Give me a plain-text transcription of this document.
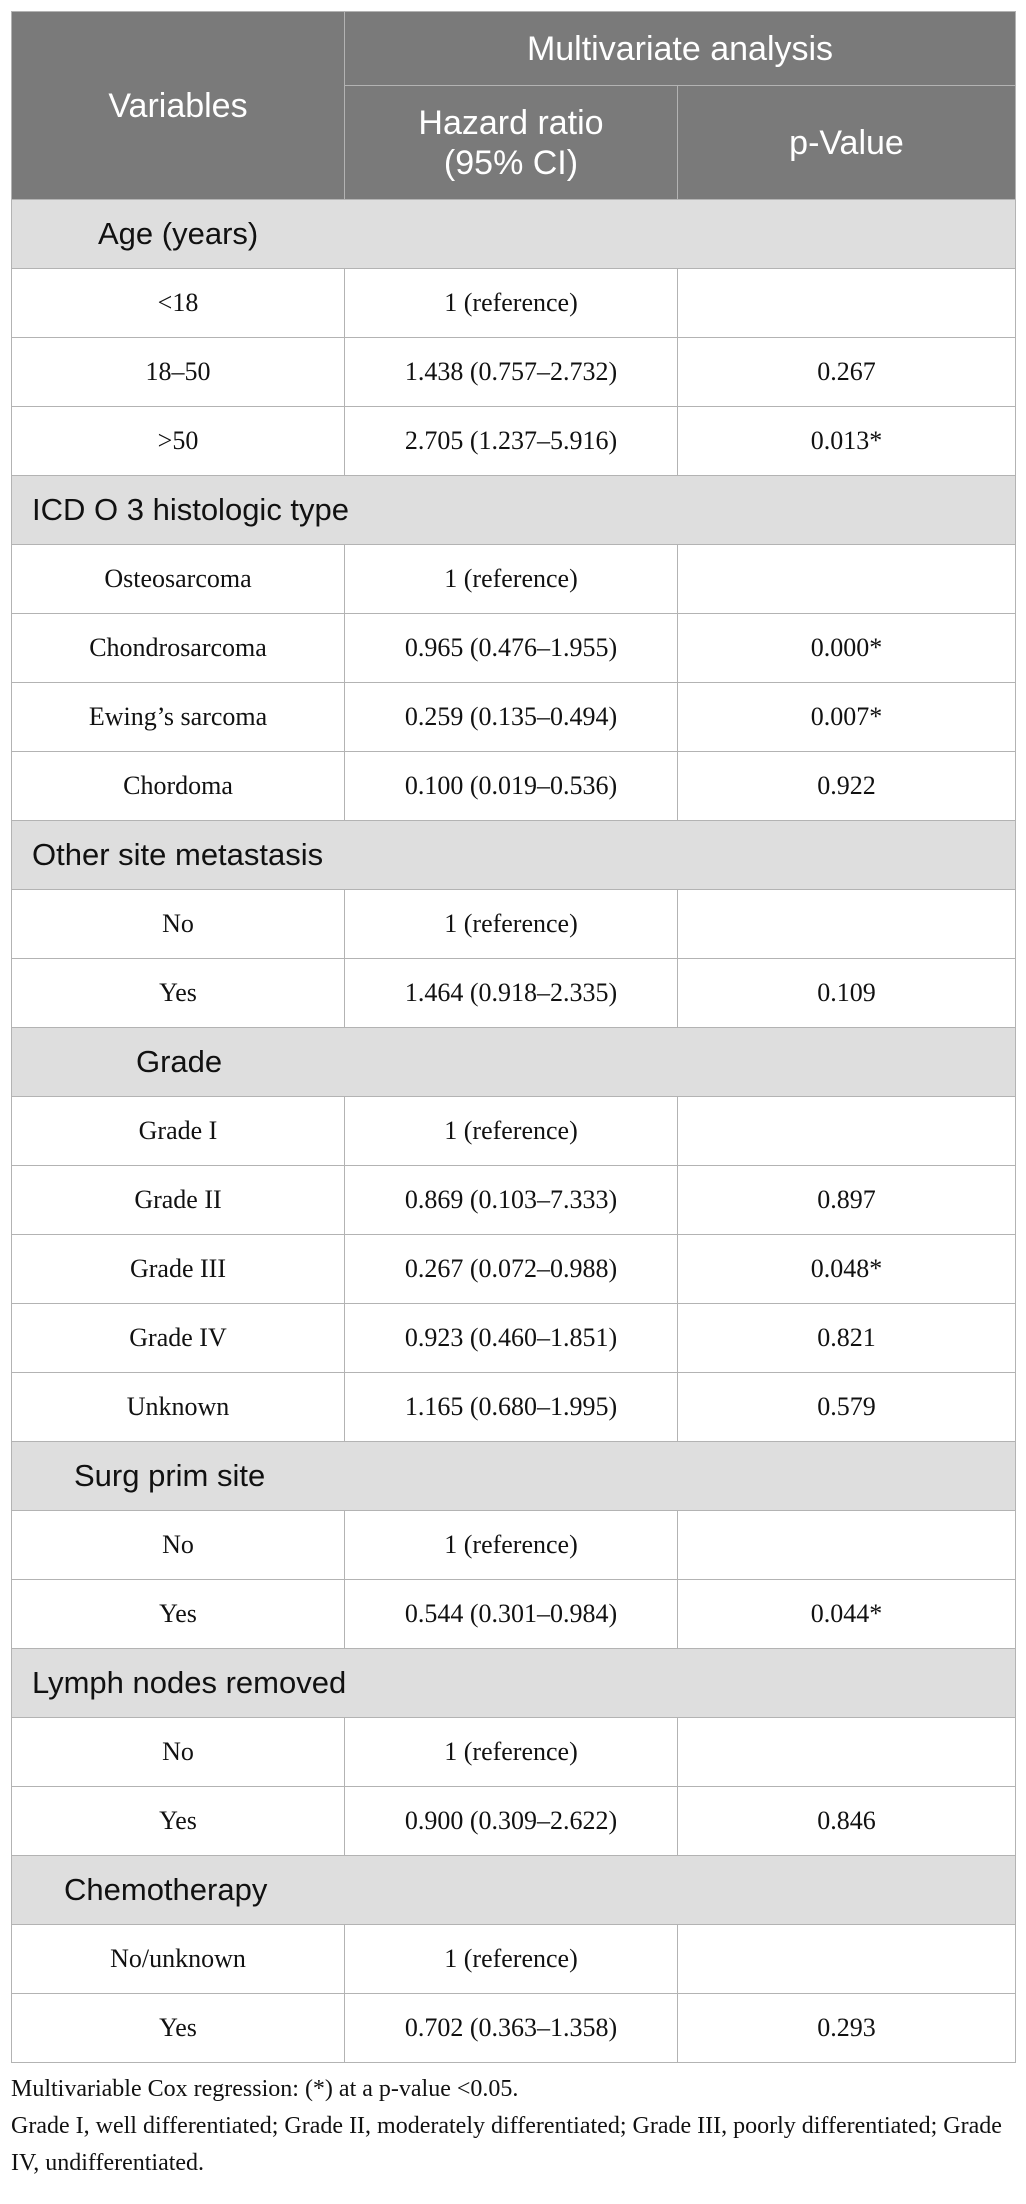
Variables	Multivariate analysis	

	Hazard ratio
(95% CI)	p-Value
Age (years)		
<18	1 (reference)	
18–50	1.438 (0.757–2.732)	0.267
>50	2.705 (1.237–5.916)	0.013*
ICD O 3 histologic type		
Osteosarcoma	1 (reference)	
Chondrosarcoma	0.965 (0.476–1.955)	0.000*
Ewing’s sarcoma	0.259 (0.135–0.494)	0.007*
Chordoma	0.100 (0.019–0.536)	0.922
Other site metastasis		
No	1 (reference)	
Yes	1.464 (0.918–2.335)	0.109
Grade		
Grade I	1 (reference)	
Grade II	0.869 (0.103–7.333)	0.897
Grade III	0.267 (0.072–0.988)	0.048*
Grade IV	0.923 (0.460–1.851)	0.821
Unknown	1.165 (0.680–1.995)	0.579
Surg prim site		
No	1 (reference)	
Yes	0.544 (0.301–0.984)	0.044*
Lymph nodes removed		
No	1 (reference)	
Yes	0.900 (0.309–2.622)	0.846
Chemotherapy		
No/unknown	1 (reference)	
Yes	0.702 (0.363–1.358)	0.293
Multivariable Cox regression: (*) at a p-value <0.05.
Grade I, well differentiated; Grade II, moderately differentiated; Grade III, poorly differentiated; Grade IV, undifferentiated.
